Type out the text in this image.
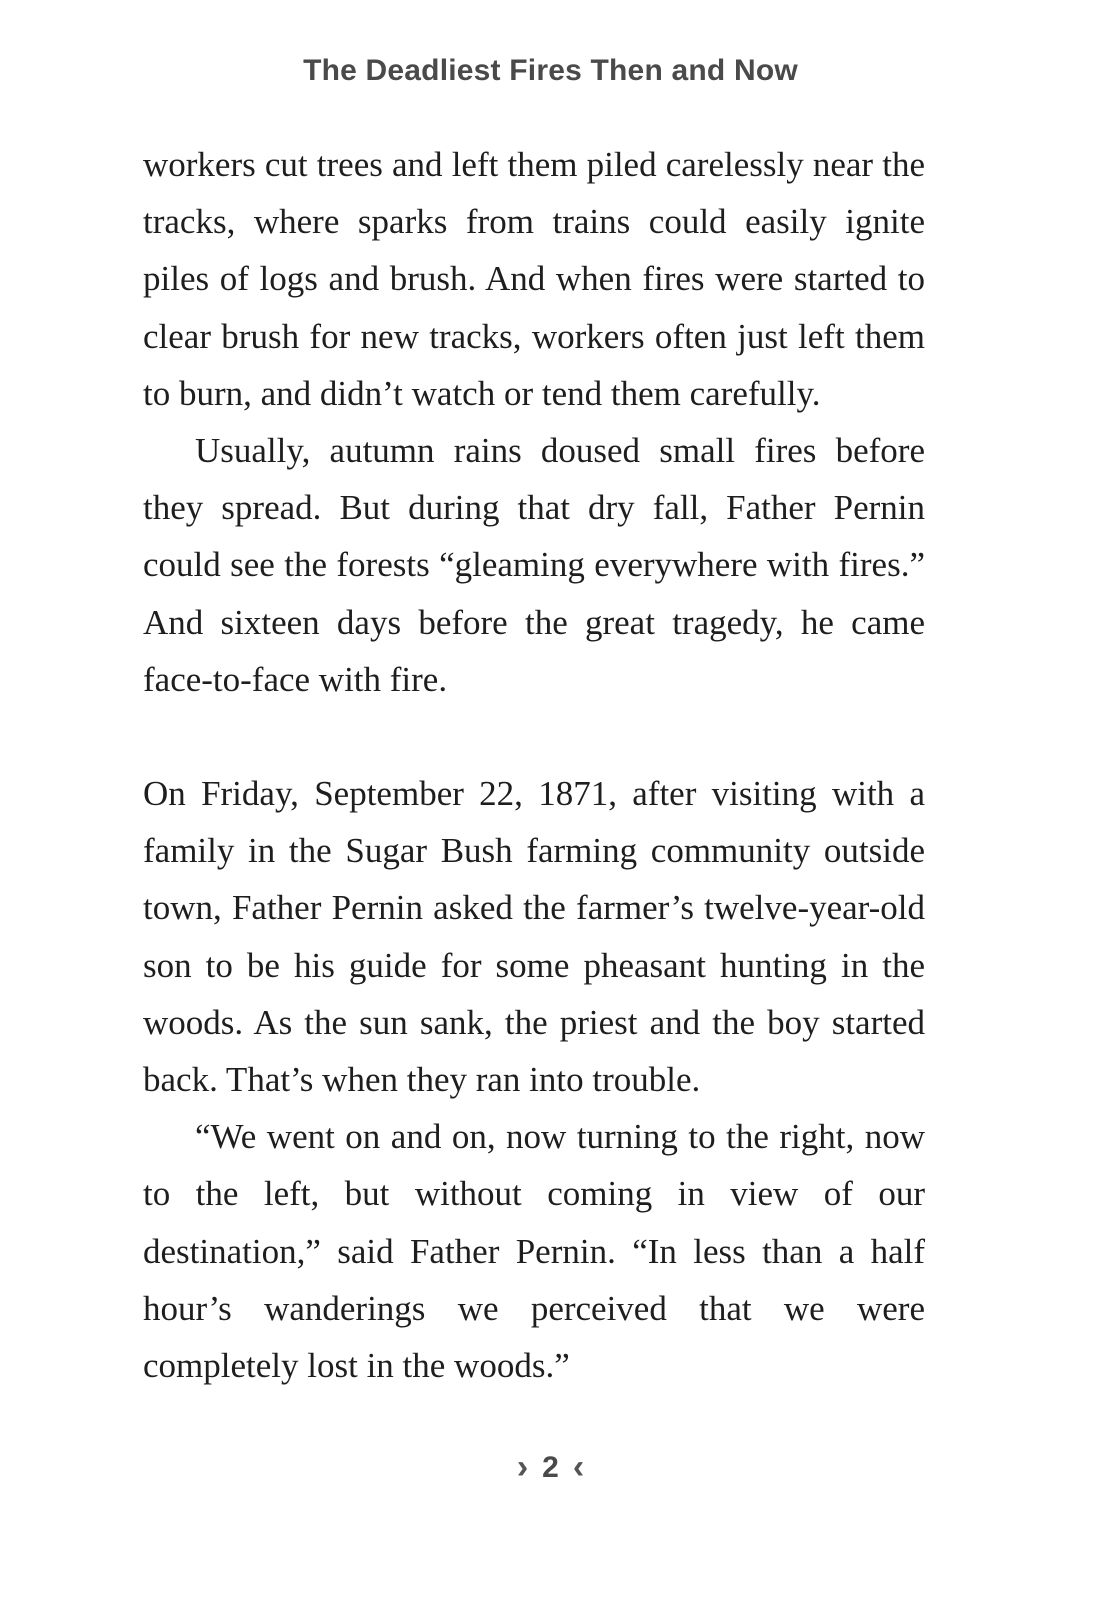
The Deadliest Fires Then and Now

workers cut trees and left them piled carelessly near the tracks, where sparks from trains could easily ignite piles of logs and brush. And when fires were started to clear brush for new tracks, workers often just left them to burn, and didn’t watch or tend them carefully.

Usually, autumn rains doused small fires before they spread. But during that dry fall, Father Pernin could see the forests “gleaming everywhere with fires.” And sixteen days before the great tragedy, he came face-to-face with fire.

On Friday, September 22, 1871, after visiting with a family in the Sugar Bush farming community outside town, Father Pernin asked the farmer’s twelve-year-old son to be his guide for some pheasant hunting in the woods. As the sun sank, the priest and the boy started back. That’s when they ran into trouble.

“We went on and on, now turning to the right, now to the left, but without coming in view of our destination,” said Father Pernin. “In less than a half hour’s wanderings we perceived that we were completely lost in the woods.”

› 2 ‹
